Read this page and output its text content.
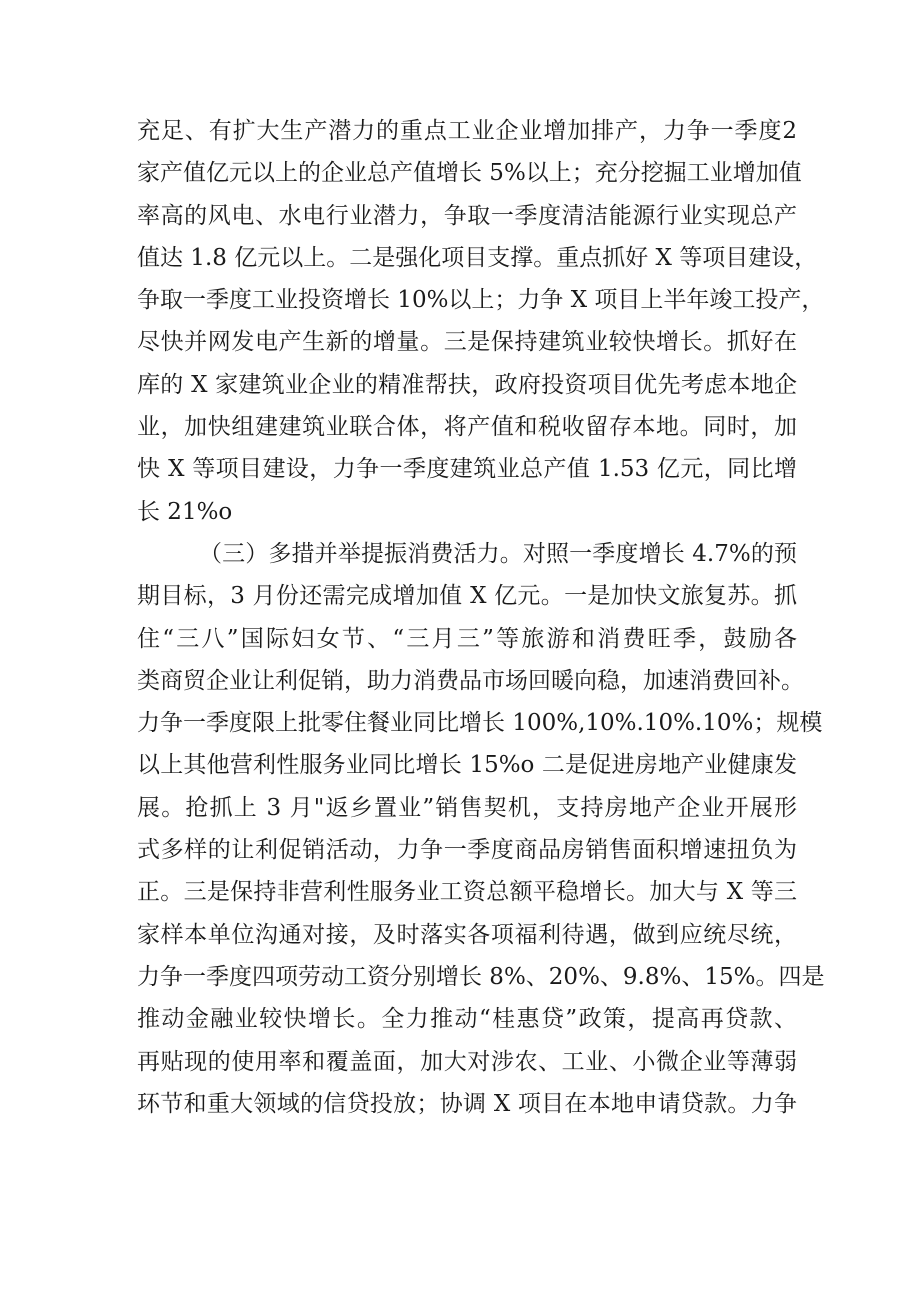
充足、有扩大生产潜力的重点工业企业增加排产，力争一季度2
家产值亿元以上的企业总产值增长 5%以上；充分挖掘工业增加值
率高的风电、水电行业潜力，争取一季度清洁能源行业实现总产
值达 1.8 亿元以上。二是强化项目支撑。重点抓好 X 等项目建设，
争取一季度工业投资增长 10%以上；力争 X 项目上半年竣工投产，
尽快并网发电产生新的增量。三是保持建筑业较快增长。抓好在
库的 X 家建筑业企业的精准帮扶，政府投资项目优先考虑本地企
业，加快组建建筑业联合体，将产值和税收留存本地。同时，加
快 X 等项目建设，力争一季度建筑业总产值 1.53 亿元，同比增
长 21%o
（三）多措并举提振消费活力。对照一季度增长 4.7%的预
期目标，3 月份还需完成增加值 X 亿元。一是加快文旅复苏。抓
住“三八”国际妇女节、“三月三”等旅游和消费旺季，鼓励各
类商贸企业让利促销，助力消费品市场回暖向稳，加速消费回补。
力争一季度限上批零住餐业同比增长 100%,10%.10%.10%；规模
以上其他营利性服务业同比增长 15%o 二是促进房地产业健康发
展。抢抓上 3 月"返乡置业”销售契机，支持房地产企业开展形
式多样的让利促销活动，力争一季度商品房销售面积增速扭负为
正。三是保持非营利性服务业工资总额平稳增长。加大与 X 等三
家样本单位沟通对接，及时落实各项福利待遇，做到应统尽统，
力争一季度四项劳动工资分别增长 8%、20%、9.8%、15%。四是
推动金融业较快增长。全力推动“桂惠贷”政策，提高再贷款、
再贴现的使用率和覆盖面，加大对涉农、工业、小微企业等薄弱
环节和重大领域的信贷投放；协调 X 项目在本地申请贷款。力争
